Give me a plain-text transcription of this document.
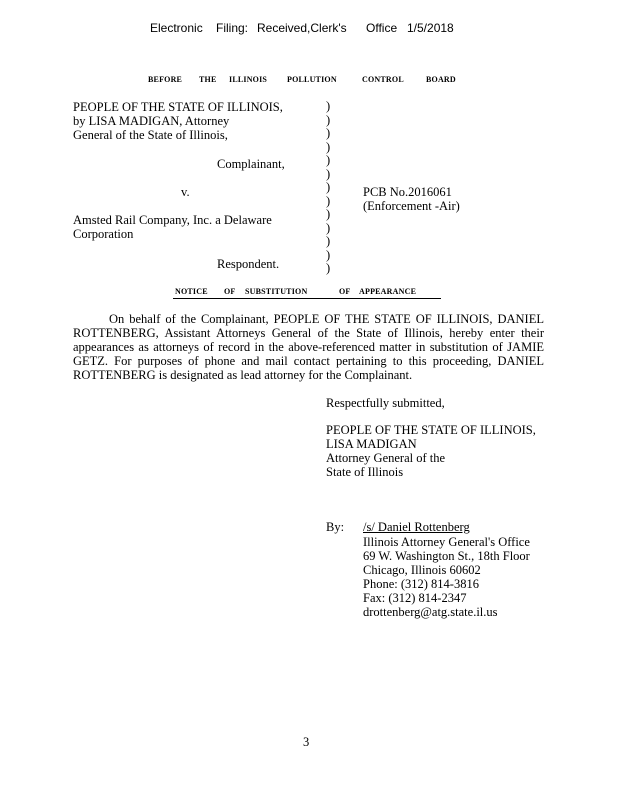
Electronic Filing: Received,Clerk's Office 1/5/2018
BEFORE THE ILLINOIS POLLUTION	CONTROL	BOARD
PEOPLE OF THE STATE OF ILLINOIS,
by LISA MADIGAN, Attorney
General of the State of Illinois,
Complainant,
v.
Amsted Rail Company, Inc. a Delaware
Corporation
Respondent.
)
)
)
)
)
)
)
)
)
)
)
)
)
PCB No.2016061
(Enforcement -Air)
NOTICE OF SUBSTITUTION	OF APPEARANCE

On behalf of the Complainant, PEOPLE OF THE STATE OF ILLINOIS, DANIEL ROTTENBERG, Assistant Attorneys General of the State of Illinois, hereby enter their appearances as attorneys of record in the above-referenced matter in substitution of JAMIE GETZ. For purposes of phone and mail contact pertaining to this proceeding, DANIEL ROTTENBERG is designated as lead attorney for the Complainant.

Respectfully submitted,
PEOPLE OF THE STATE OF ILLINOIS,
LISA MADIGAN
Attorney General of the
State of Illinois
By: /s/ Daniel Rottenberg
Illinois Attorney General's Office
69 W. Washington St., 18th Floor
Chicago, Illinois 60602
Phone: (312) 814-3816
Fax: (312) 814-2347
drottenberg@atg.state.il.us
3
